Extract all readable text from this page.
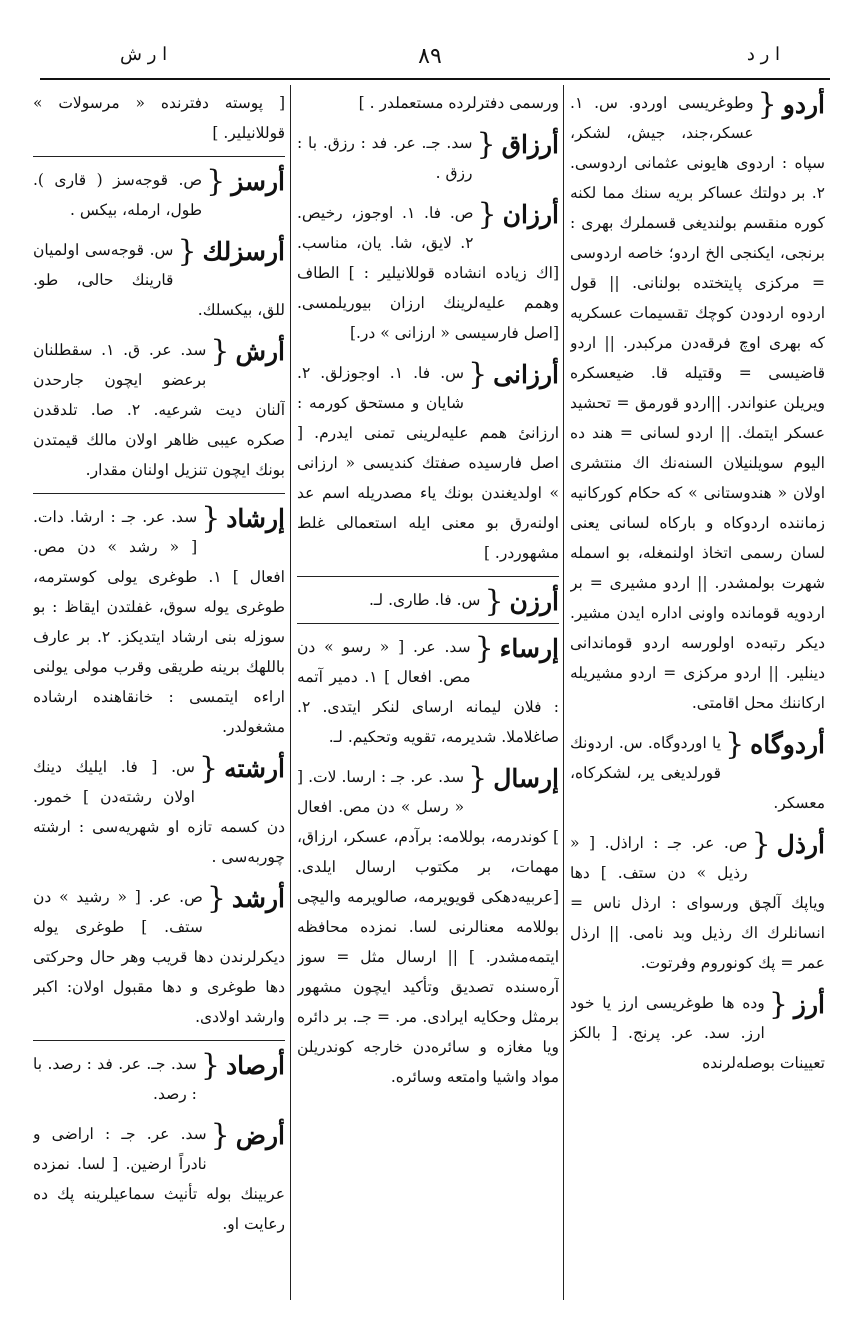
ا ر ش	٨٩	ا ر د
أردو
{
وطوغريسى اوردو. س. ١. عسكر،جند، جيش، لشكر، سپاه : اردوى هايونى عثمانى اردوسى. ٢. بر دولتك عساكر بريه سنك مما لكنه كوره منقسم بولنديغى قسملرك بهرى : برنجى، ايكنجى الخ اردو؛ خاصه اردوسى = مركزى پايتختده بولنانى. || قول اردوه اردودن كوچك تقسيمات عسكريه كه بهرى اوچ فرقه‌دن مركبدر. || اردو قاضيسى = وقتيله قا. ضيعسكره ويريلن عنواندر. ||اردو قورمق = تحشيد عسكر ايتمك. || اردو لسانى = هند ده اليوم سويلنيلان السنه‌نك اك منتشرى اولان « هندوستانى » كه حكام كوركانيه زماننده اردوكاه و باركاه لسانى يعنى لسان رسمى اتخاذ اولنمغله، بو اسمله شهرت بولمشدر. || اردو مشيرى = بر اردويه قوماندە واونى اداره ايدن مشير. ديكر رتبه‌ده اولورسه اردو قوماندانى دينلير. || اردو مركزى = اردو مشيريله اركاننك محل اقامتى.
أردوگاه
{
يا اوردوگاه. س. اردونك قورلديغى ير، لشكركاه، معسكر.
أرذل
{
ص. عر. جـ : اراذل. [ « رذيل » دن ستف. ] دها وياپك آلچق ورسواى : ارذل ناس = انسانلرك اك رذيل وبد نامى. || ارذل عمر = پك كونوروم وفرتوت.
أرز
{
وده ها طوغريسى ارز يا خود ارز. سد. عر. پرنج. [ بالكز تعيينات بوصلەلرنده
ورسمى دفترلرده مستعملدر . ]
أرزاق
{
سد. جـ. عر. فد : رزق. با : رزق .
أرزان
{
ص. فا. ١. اوجوز، رخيص. ٢. لايق، شا. يان، مناسب. [اك زياده انشاده قوللانيلير : ] الطاف وهمم عليه‌لرينك ارزان بيوريلمسى. [اصل فارسيسى « ارزانى » در.]
أرزانى
{
س. فا. ١. اوجوزلق. ٢. شايان و مستحق كورمه : ارزانىٔ همم عليه‌لرينى تمنى ايدرم. [ اصل فارسيده صفتك كنديسى « ارزانى » اولديغندن بونك ياء مصدريله اسم عد اولنه‌رق بو معنى ايله استعمالى غلط مشهوردر. ]
أرزن
{
س. فا. طارى. لـ.
إرساء
{
سد. عر. [ « رسو » دن مص. افعال ] ١. دمير آتمه : فلان ليمانه ارساى لنكر ايتدى. ٢. صاغلاملا. شديرمه، تقويه وتحكيم. لـ.
إرسال
{
سد. عر. جـ : ارسا. لات. [ « رسل » دن مص. افعال ] كوندرمه، بوللامه: برآدم، عسكر، ارزاق، مهمات، بر مكتوب ارسال ايلدى. [عربيەدهكى قويويرمه، صالويرمه واليچى بوللامه معنالرنى لسا. نمزده محافظه ايتمەمشدر. ] || ارسال مثل = سوز آره‌سنده تصديق وتأكيد ايچون مشهور برمثل وحكايه ايرادى. مر. = جـ. بر دائره ويا مغازه و سائره‌دن خارجه كوندريلن مواد واشيا وامتعه وسائره.
[ پوسته دفترنده « مرسولات » قوللانيلير. ]
أرسز
{
ص. قوجه‌سز ( قارى ). طول، ارمله، بيكس .
أرسزلك
{
س. قوجه‌سى اولميان قارينك حالى، طو. للق، بيكسلك.
أرش
{
سد. عر. ق. ١. سقطلنان برعضو ايچون جارحدن آلنان ديت شرعيه. ٢. صا. تلدقدن صكره عيبى ظاهر اولان مالك قيمتدن بونك ايچون تنزيل اولنان مقدار.
إرشاد
{
سد. عر. جـ : ارشا. دات. [ « رشد » دن مص. افعال ] ١. طوغرى يولى كوسترمه، طوغرى يوله سوق، غفلتدن ايقاظ : بو سوزله بنى ارشاد ايتديكز. ٢. بر عارف باللهك برينه طريقى وقرب مولى يولنى اراءه ايتمسى : خانقاهنده ارشاده مشغولدر.
أرشته
{
س. [ فا. ايليك دينك اولان رشته‌دن ] خمور. دن كسمه تازه او شهريه‌سى : ارشته چوربه‌سى .
أرشد
{
ص. عر. [ « رشيد » دن ستف. ] طوغرى يوله ديكرلرندن دها قريب وهر حال وحركتى دها طوغرى و دها مقبول اولان: اكبر وارشد اولادى.
أرصاد
{
سد. جـ. عر. فد : رصد. با : رصد.
أرض
{
سد. عر. جـ : اراضى و نادراً ارضين. [ لسا. نمزده عربينك بوله تأنيث سماعيلرينه پك ده رعايت او.
